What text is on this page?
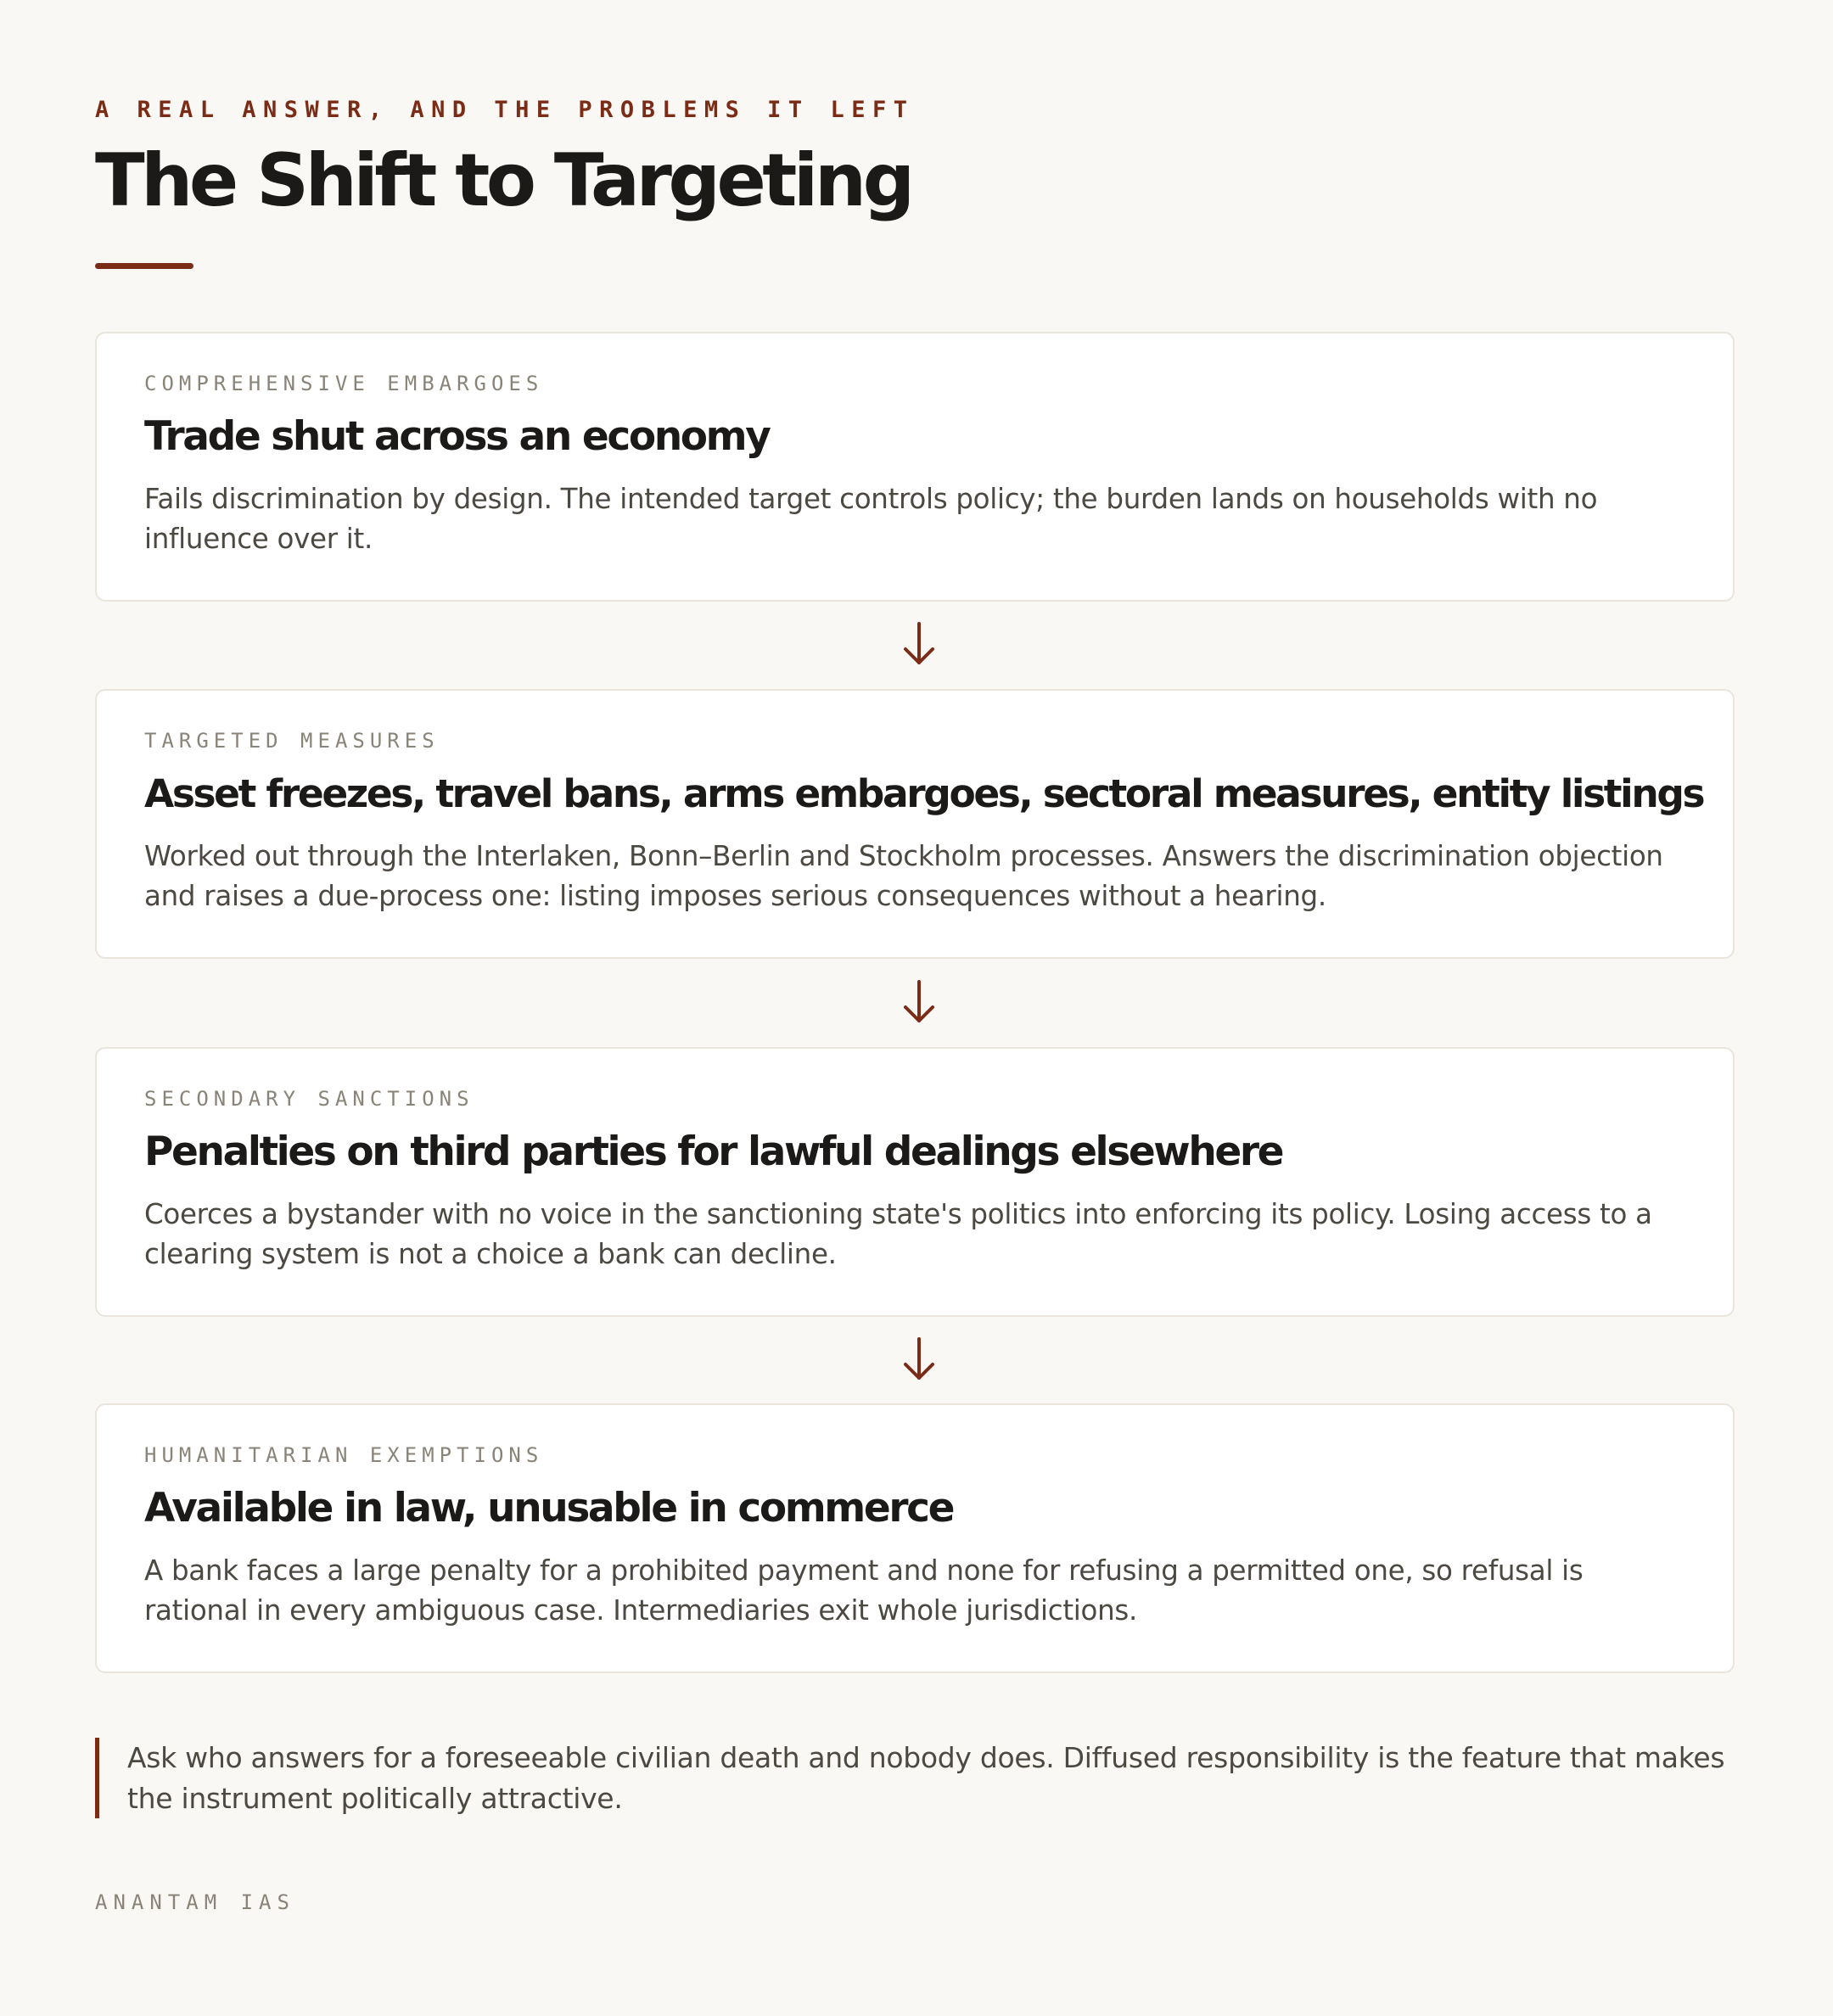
A REAL ANSWER, AND THE PROBLEMS IT LEFT
The Shift to Targeting
COMPREHENSIVE EMBARGOES
Trade shut across an economy

Fails discrimination by design. The intended target controls policy; the burden lands on households with no influence over it.

TARGETED MEASURES
Asset freezes, travel bans, arms embargoes, sectoral measures, entity listings

Worked out through the Interlaken, Bonn–Berlin and Stockholm processes. Answers the discrimination objection and raises a due-process one: listing imposes serious consequences without a hearing.

SECONDARY SANCTIONS
Penalties on third parties for lawful dealings elsewhere

Coerces a bystander with no voice in the sanctioning state's politics into enforcing its policy. Losing access to a clearing system is not a choice a bank can decline.

HUMANITARIAN EXEMPTIONS
Available in law, unusable in commerce

A bank faces a large penalty for a prohibited payment and none for refusing a permitted one, so refusal is rational in every ambiguous case. Intermediaries exit whole jurisdictions.

Ask who answers for a foreseeable civilian death and nobody does. Diffused responsibility is the feature that makes the instrument politically attractive.

ANANTAM IAS
